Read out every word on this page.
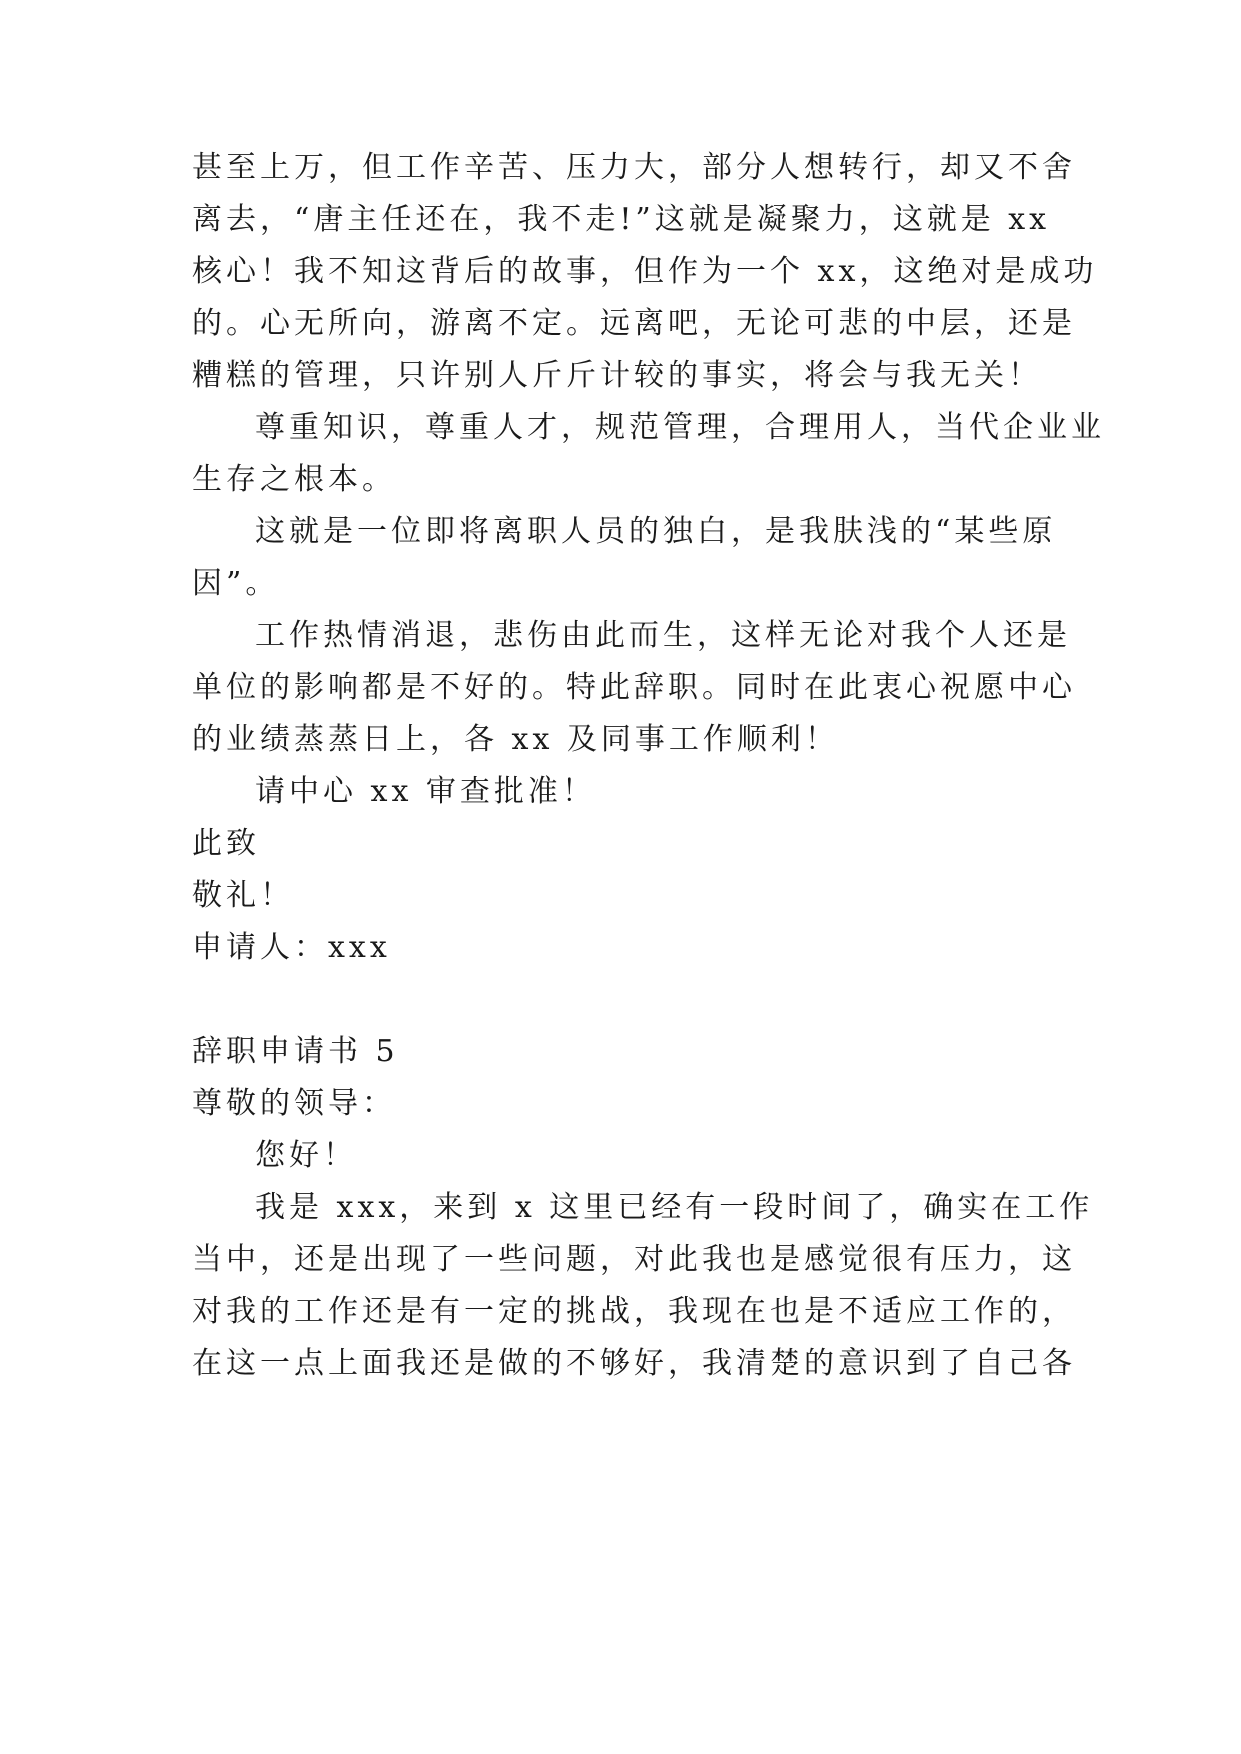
甚至上万，但工作辛苦、压力大，部分人想转行，却又不舍
离去，“唐主任还在，我不走!”这就是凝聚力，这就是 xx
核心！我不知这背后的故事，但作为一个 xx，这绝对是成功
的。心无所向，游离不定。远离吧，无论可悲的中层，还是
糟糕的管理，只许别人斤斤计较的事实，将会与我无关！
尊重知识，尊重人才，规范管理，合理用人，当代企业业
生存之根本。
这就是一位即将离职人员的独白，是我肤浅的“某些原
因”。
工作热情消退，悲伤由此而生，这样无论对我个人还是
单位的影响都是不好的。特此辞职。同时在此衷心祝愿中心
的业绩蒸蒸日上，各 xx 及同事工作顺利！
请中心 xx 审查批准！
此致
敬礼！
申请人：xxx
辞职申请书 5
尊敬的领导：
您好！
我是 xxx，来到 x 这里已经有一段时间了，确实在工作
当中，还是出现了一些问题，对此我也是感觉很有压力，这
对我的工作还是有一定的挑战，我现在也是不适应工作的，
在这一点上面我还是做的不够好，我清楚的意识到了自己各
